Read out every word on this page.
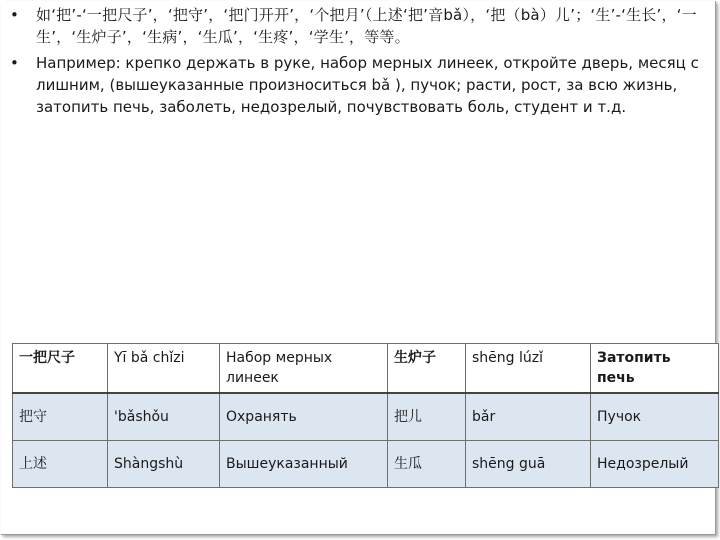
• 如‘把’-‘一把尺子’，‘把守’，‘把门开开’，‘个把月’（上述‘把’音bǎ），‘把（bà）儿’；‘生’-‘生长’，‘一生’，‘生炉子’，‘生病’，‘生瓜’，‘生疼’，‘学生’，等等。
• Например: крепко держать в руке, набор мерных линеек, откройте дверь, месяц с лишним, (вышеуказанные произноситься bǎ ), пучок; расти, рост, за всю жизнь, затопить печь, заболеть, недозрелый, почувствовать боль, студент и т.д.
一把尺子	Yī bǎ chǐzi	Набор мерных линеек	生炉子	shēng lúzǐ	Затопить печь
把守	'bǎshǒu	Охранять	把儿	bǎr	Пучок
上述	Shàngshù	Вышеуказанный	生瓜	shēng guā	Недозрелый
